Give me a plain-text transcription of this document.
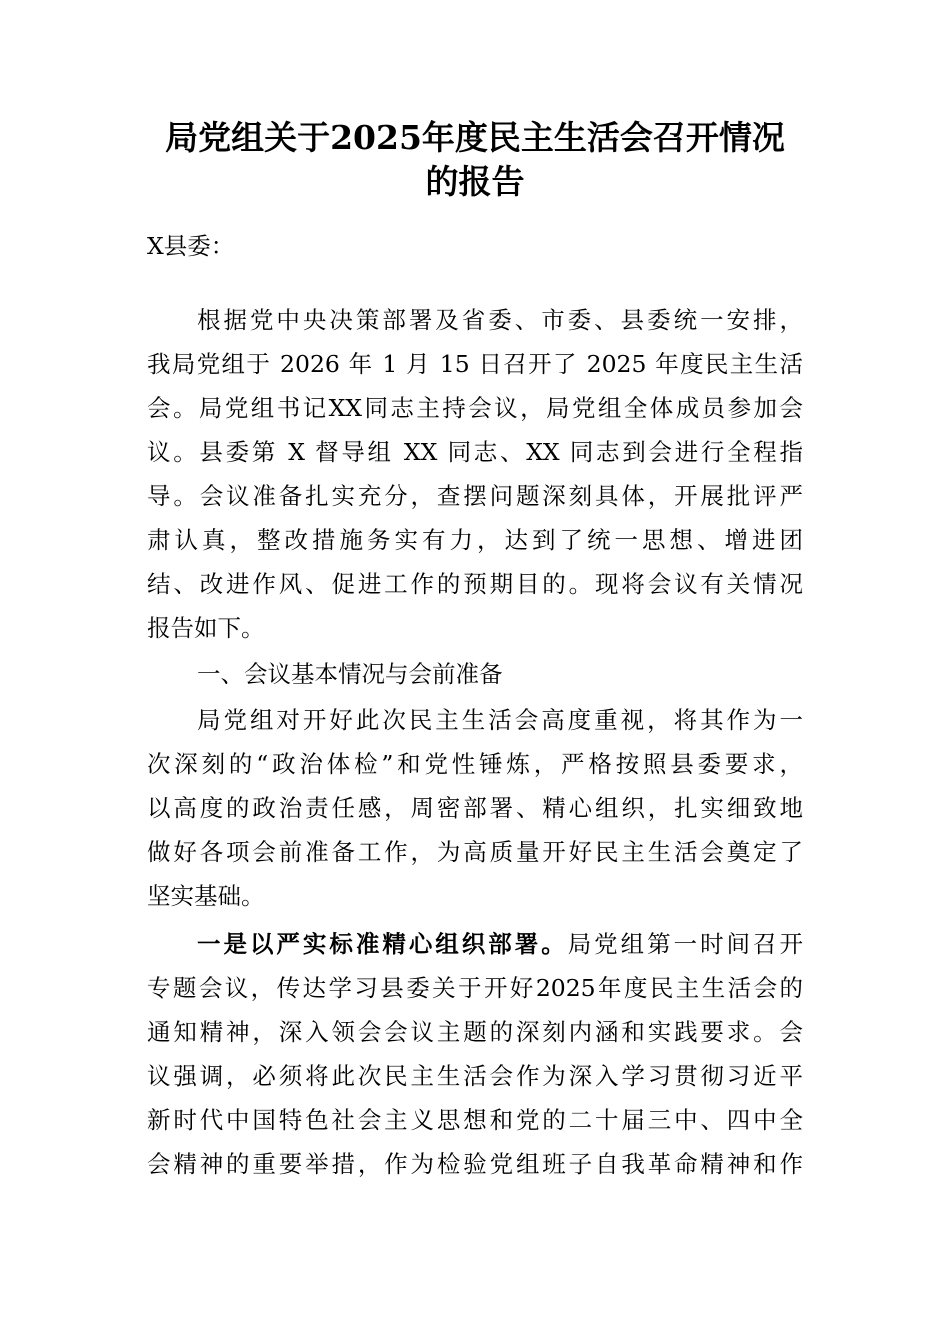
局党组关于2025年度民主生活会召开情况
的报告
X县委：
根据党中央决策部署及省委、市委、县委统一安排，
我局党组于 2026 年 1 月 15 日召开了 2025 年度民主生活
会。局党组书记XX同志主持会议，局党组全体成员参加会
议。县委第 X 督导组 XX 同志、XX 同志到会进行全程指
导。会议准备扎实充分，查摆问题深刻具体，开展批评严
肃认真，整改措施务实有力，达到了统一思想、增进团
结、改进作风、促进工作的预期目的。现将会议有关情况
报告如下。
一、会议基本情况与会前准备
局党组对开好此次民主生活会高度重视，将其作为一
次深刻的“政治体检”和党性锤炼，严格按照县委要求，
以高度的政治责任感，周密部署、精心组织，扎实细致地
做好各项会前准备工作，为高质量开好民主生活会奠定了
坚实基础。
一是以严实标准精心组织部署。局党组第一时间召开
专题会议，传达学习县委关于开好2025年度民主生活会的
通知精神，深入领会会议主题的深刻内涵和实践要求。会
议强调，必须将此次民主生活会作为深入学习贯彻习近平
新时代中国特色社会主义思想和党的二十届三中、四中全
会精神的重要举措，作为检验党组班子自我革命精神和作
